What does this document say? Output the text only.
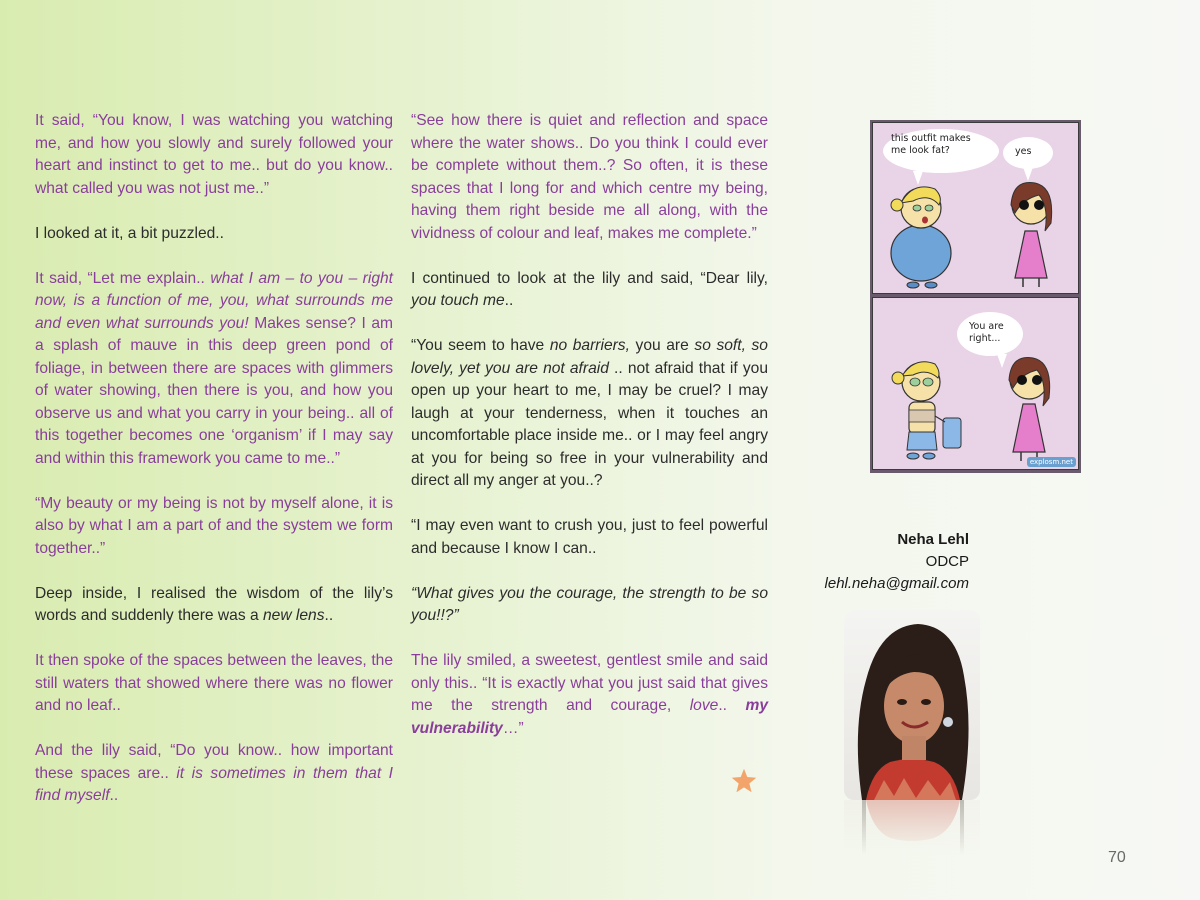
It said, “You know, I was watching you watching me, and how you slowly and surely followed your heart and instinct to get to me.. but do you know.. what called you was not just me..”

I looked at it, a bit puzzled..

It said, “Let me explain.. what I am – to you – right now, is a function of me, you, what surrounds me and even what surrounds you! Makes sense? I am a splash of mauve in this deep green pond of foliage, in between there are spaces with glimmers of water showing, then there is you, and how you observe us and what you carry in your being.. all of this together becomes one ‘organism’ if I may say and within this framework you came to me..”

“My beauty or my being is not by myself alone, it is also by what I am a part of and the system we form together..”

Deep inside, I realised the wisdom of the lily’s words and suddenly there was a new lens..

It then spoke of the spaces between the leaves, the still waters that showed where there was no flower and no leaf..

And the lily said, “Do you know.. how important these spaces are.. it is sometimes in them that I find myself..

“See how there is quiet and reflection and space where the water shows.. Do you think I could ever be complete without them..? So often, it is these spaces that I long for and which centre my being, having them right beside me all along, with the vividness of colour and leaf, makes me complete.”

I continued to look at the lily and said, “Dear lily, you touch me..

“You seem to have no barriers, you are so soft, so lovely, yet you are not afraid .. not afraid that if you open up your heart to me, I may be cruel? I may laugh at your tenderness, when it touches an uncomfortable place inside me.. or I may feel angry at you for being so free in your vulnerability and direct all my anger at you..?

“I may even want to crush you, just to feel powerful and because I know I can..

“What gives you the courage, the strength to be so you!!?”

The lily smiled, a sweetest, gentlest smile and said only this.. “It is exactly what you just said that gives me the strength and courage, love.. my vulnerability…”

this outfit makes
me look fat?	yes
You are
right...
explosm.net
Neha Lehl
ODCP
lehl.neha@gmail.com
70
